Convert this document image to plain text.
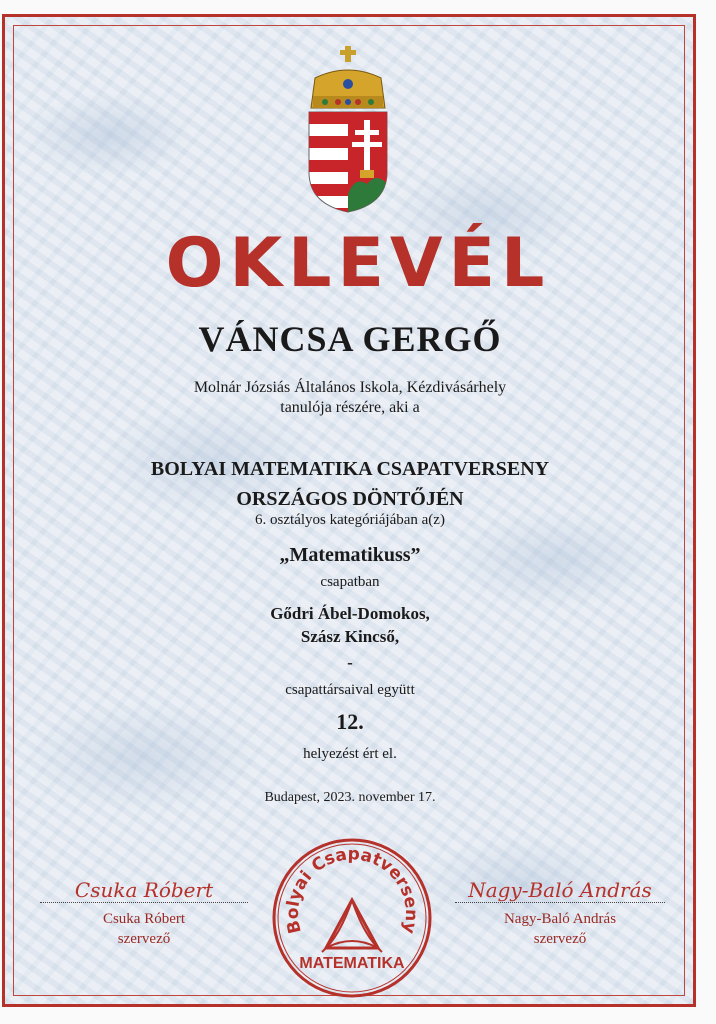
OKLEVÉL
VÁNCSA GERGŐ
Molnár Józsiás Általános Iskola, Kézdivásárhely
tanulója részére, aki a
BOLYAI MATEMATIKA CSAPATVERSENY
ORSZÁGOS DÖNTŐJÉN
6. osztályos kategóriájában a(z)
„Matematikuss”
csapatban
Gődri Ábel-Domokos,
Szász Kincső,
-
csapattársaival együtt
12.
helyezést ért el.
Budapest, 2023. november 17.
Csuka Róbert
Csuka Róbert
szervező
Bolyai Csapatverseny
MATEMATIKA
Nagy-Baló András
Nagy-Baló András
szervező
